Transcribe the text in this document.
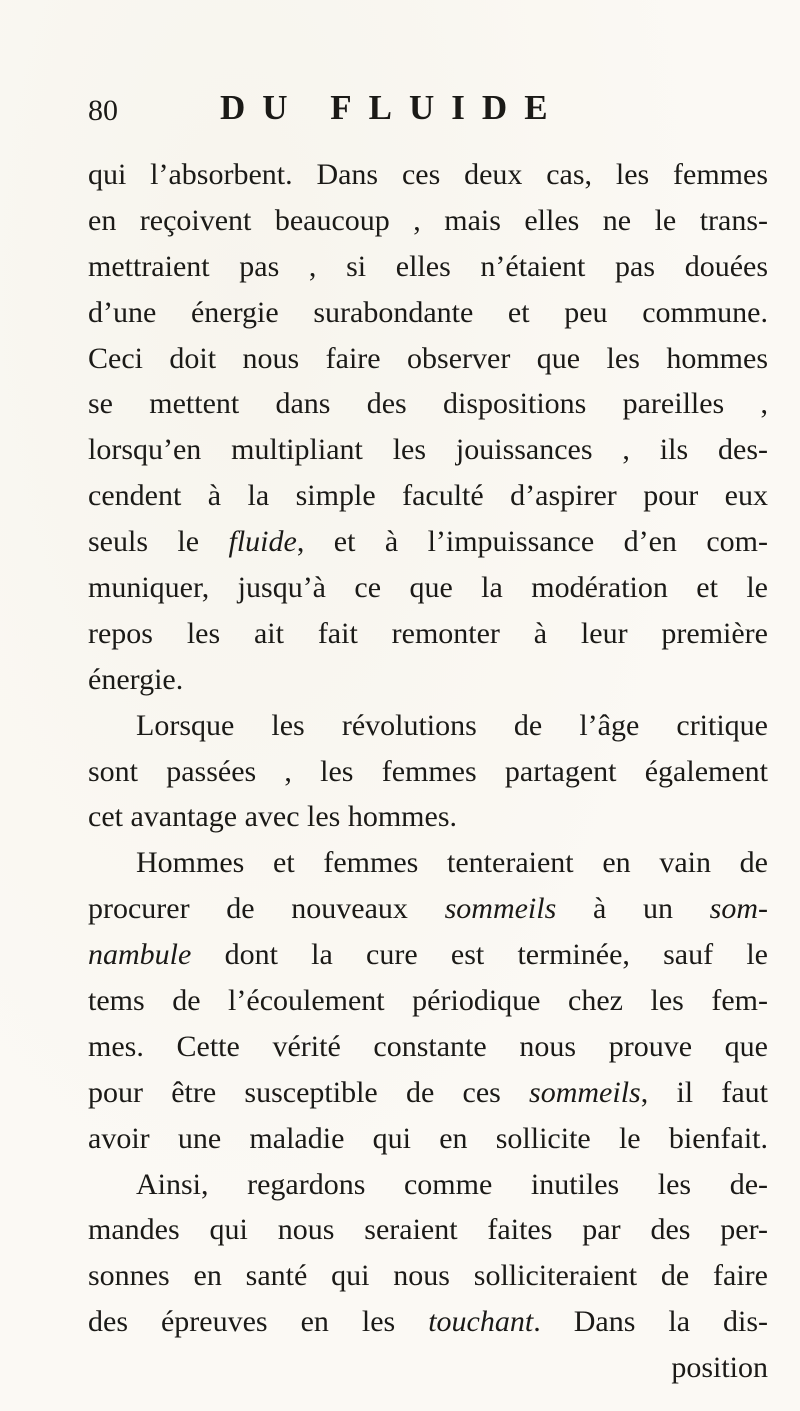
80	DU FLUIDE
qui l’absorbent. Dans ces deux cas, les femmes
en reçoivent beaucoup , mais elles ne le trans-
mettraient pas , si elles n’étaient pas douées
d’une énergie surabondante et peu commune.
Ceci doit nous faire observer que les hommes
se mettent dans des dispositions pareilles ,
lorsqu’en multipliant les jouissances , ils des-
cendent à la simple faculté d’aspirer pour eux
seuls le fluide, et à l’impuissance d’en com-
muniquer, jusqu’à ce que la modération et le
repos les ait fait remonter à leur première
énergie.
Lorsque les révolutions de l’âge critique
sont passées , les femmes partagent également
cet avantage avec les hommes.
Hommes et femmes tenteraient en vain de
procurer de nouveaux sommeils à un som-
nambule dont la cure est terminée, sauf le
tems de l’écoulement périodique chez les fem-
mes. Cette vérité constante nous prouve que
pour être susceptible de ces sommeils, il faut
avoir une maladie qui en sollicite le bienfait.
Ainsi, regardons comme inutiles les de-
mandes qui nous seraient faites par des per-
sonnes en santé qui nous solliciteraient de faire
des épreuves en les touchant. Dans la dis-
position
